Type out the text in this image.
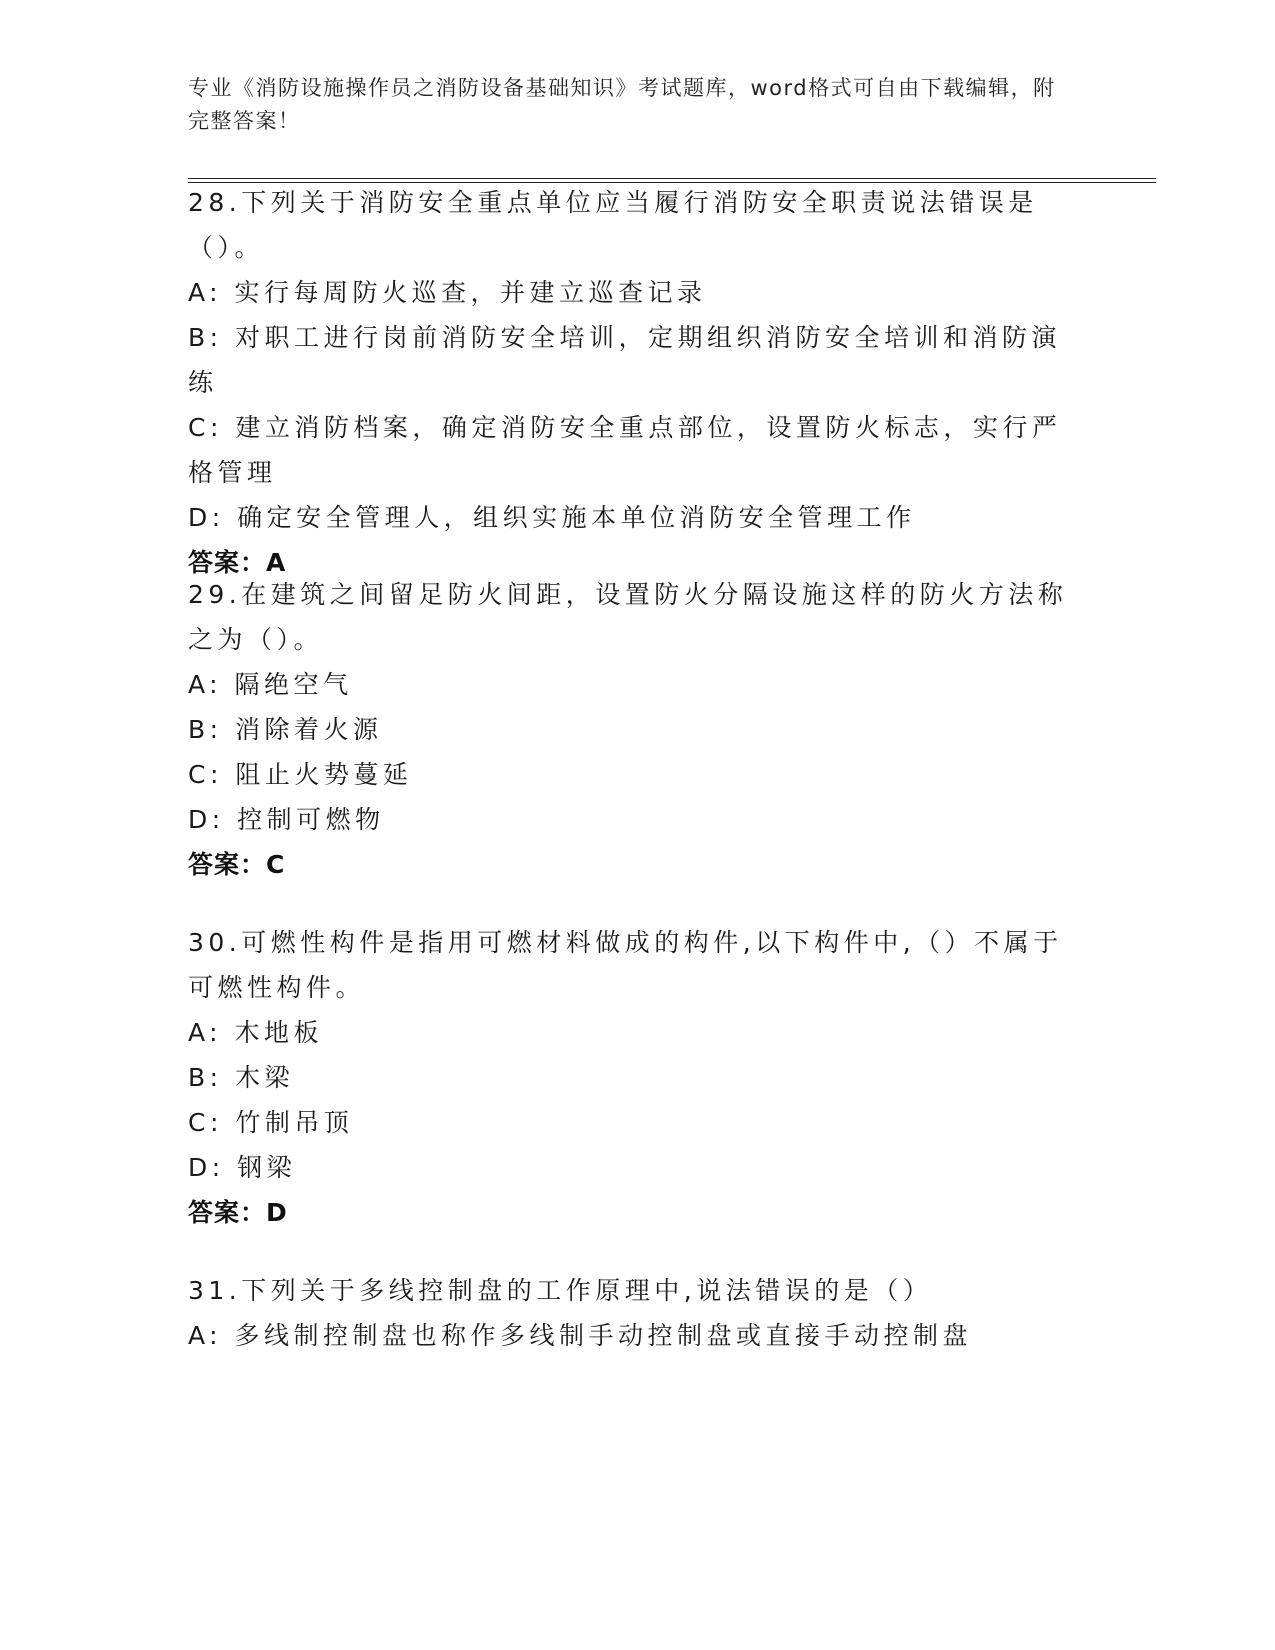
专业《消防设施操作员之消防设备基础知识》考试题库，word格式可自由下载编辑，附完整答案！
28.下列关于消防安全重点单位应当履行消防安全职责说法错误是（）。
A: 实行每周防火巡查，并建立巡查记录
B: 对职工进行岗前消防安全培训，定期组织消防安全培训和消防演练
C: 建立消防档案，确定消防安全重点部位，设置防火标志，实行严格管理
D: 确定安全管理人，组织实施本单位消防安全管理工作
答案：A
29.在建筑之间留足防火间距，设置防火分隔设施这样的防火方法称之为（）。
A: 隔绝空气
B: 消除着火源
C: 阻止火势蔓延
D: 控制可燃物
答案：C
30.可燃性构件是指用可燃材料做成的构件,以下构件中,（）不属于可燃性构件。
A: 木地板
B: 木梁
C: 竹制吊顶
D: 钢梁
答案：D
31.下列关于多线控制盘的工作原理中,说法错误的是（）
A: 多线制控制盘也称作多线制手动控制盘或直接手动控制盘
